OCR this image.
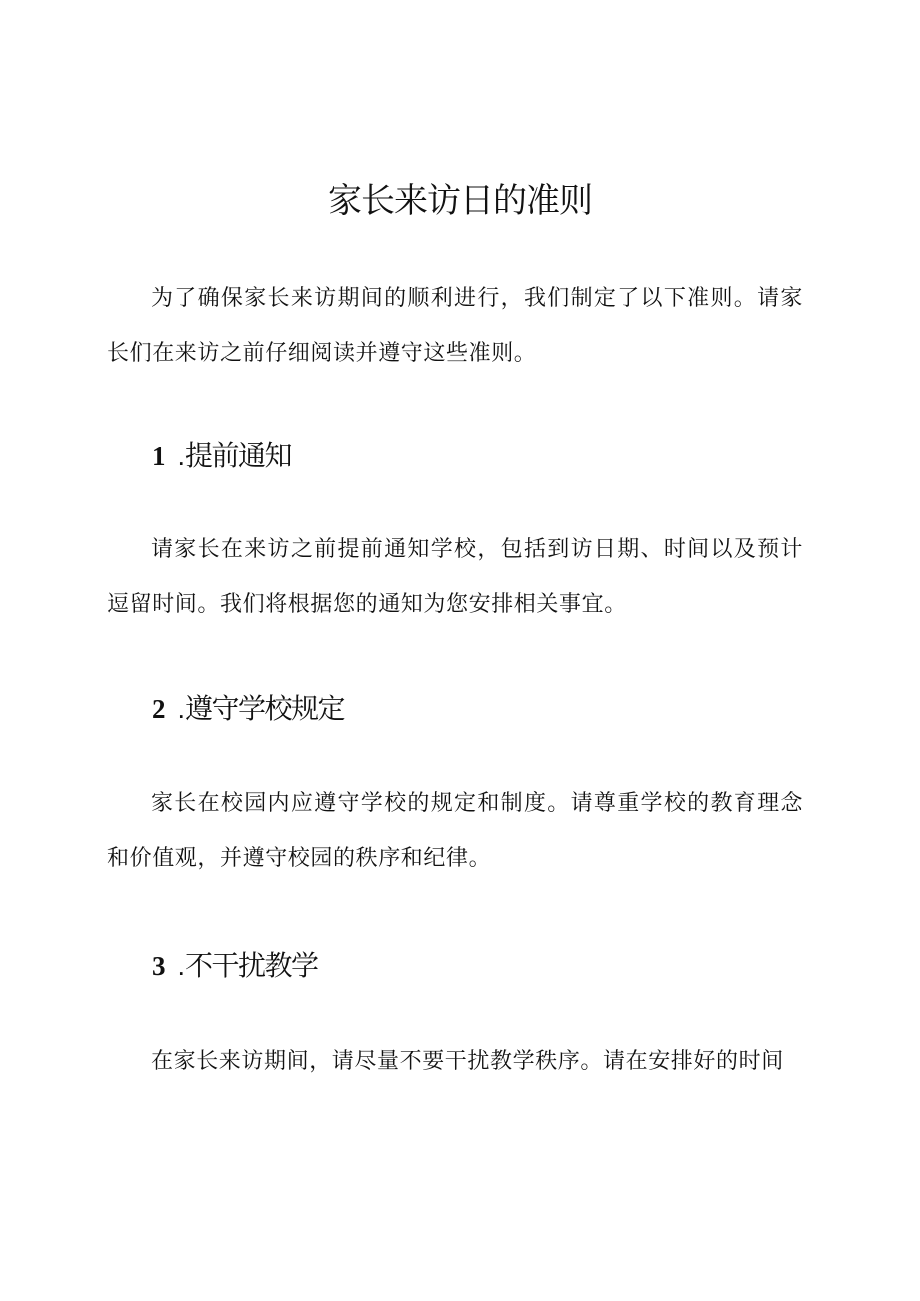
家长来访日的准则

为了确保家长来访期间的顺利进行，我们制定了以下准则。请家长们在来访之前仔细阅读并遵守这些准则。

1 .提前通知

请家长在来访之前提前通知学校，包括到访日期、时间以及预计逗留时间。我们将根据您的通知为您安排相关事宜。

2 .遵守学校规定

家长在校园内应遵守学校的规定和制度。请尊重学校的教育理念和价值观，并遵守校园的秩序和纪律。

3 .不干扰教学

在家长来访期间，请尽量不要干扰教学秩序。请在安排好的时间
